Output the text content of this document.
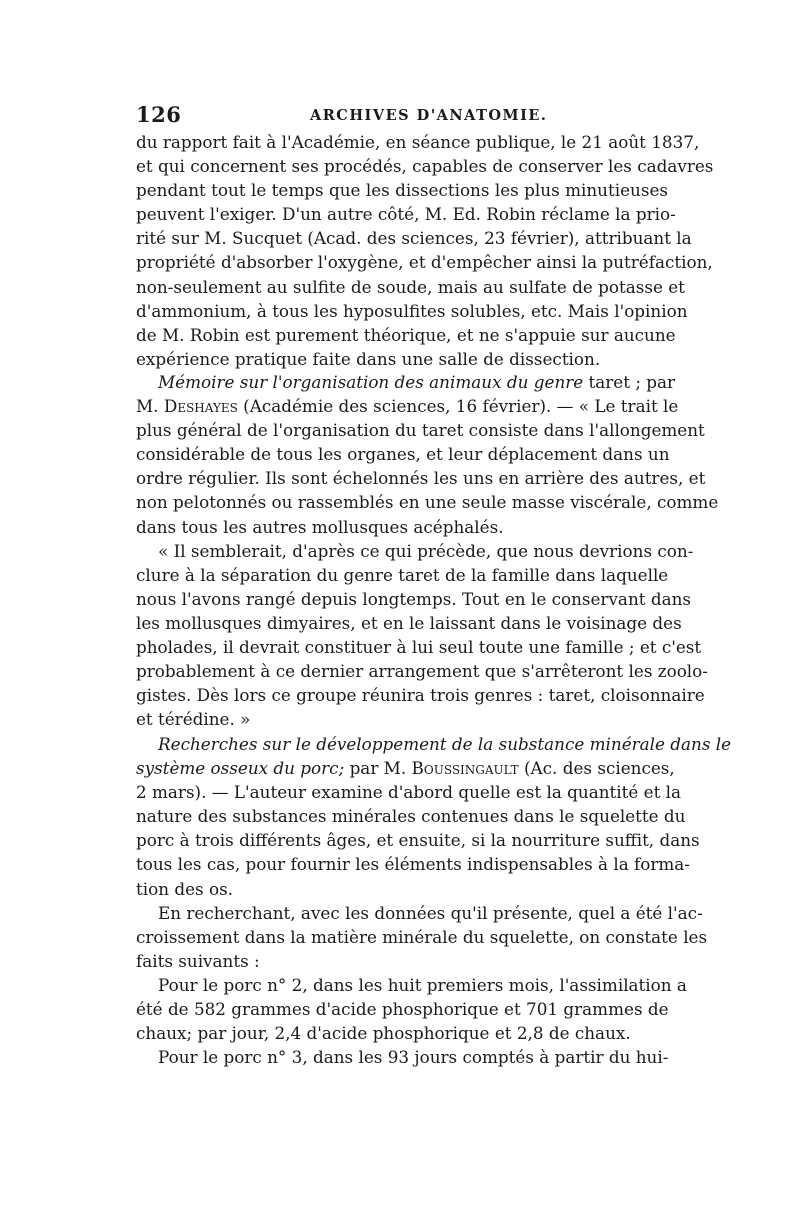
126	ARCHIVES D'ANATOMIE.
du rapport fait à l'Académie, en séance publique, le 21 août 1837,
et qui concernent ses procédés, capables de conserver les cadavres
pendant tout le temps que les dissections les plus minutieuses
peuvent l'exiger. D'un autre côté, M. Ed. Robin réclame la prio-
rité sur M. Sucquet (Acad. des sciences, 23 février), attribuant la
propriété d'absorber l'oxygène, et d'empêcher ainsi la putréfaction,
non-seulement au sulfite de soude, mais au sulfate de potasse et
d'ammonium, à tous les hyposulfites solubles, etc. Mais l'opinion
de M. Robin est purement théorique, et ne s'appuie sur aucune
expérience pratique faite dans une salle de dissection.
Mémoire sur l'organisation des animaux du genre taret ; par
M. Deshayes (Académie des sciences, 16 février). — « Le trait le
plus général de l'organisation du taret consiste dans l'allongement
considérable de tous les organes, et leur déplacement dans un
ordre régulier. Ils sont échelonnés les uns en arrière des autres, et
non pelotonnés ou rassemblés en une seule masse viscérale, comme
dans tous les autres mollusques acéphalés.
« Il semblerait, d'après ce qui précède, que nous devrions con-
clure à la séparation du genre taret de la famille dans laquelle
nous l'avons rangé depuis longtemps. Tout en le conservant dans
les mollusques dimyaires, et en le laissant dans le voisinage des
pholades, il devrait constituer à lui seul toute une famille ; et c'est
probablement à ce dernier arrangement que s'arrêteront les zoolo-
gistes. Dès lors ce groupe réunira trois genres : taret, cloisonnaire
et térédine. »
Recherches sur le développement de la substance minérale dans le
système osseux du porc; par M. Boussingault (Ac. des sciences,
2 mars). — L'auteur examine d'abord quelle est la quantité et la
nature des substances minérales contenues dans le squelette du
porc à trois différents âges, et ensuite, si la nourriture suffit, dans
tous les cas, pour fournir les éléments indispensables à la forma-
tion des os.
En recherchant, avec les données qu'il présente, quel a été l'ac-
croissement dans la matière minérale du squelette, on constate les
faits suivants :
Pour le porc n° 2, dans les huit premiers mois, l'assimilation a
été de 582 grammes d'acide phosphorique et 701 grammes de
chaux; par jour, 2,4 d'acide phosphorique et 2,8 de chaux.
Pour le porc n° 3, dans les 93 jours comptés à partir du hui-
